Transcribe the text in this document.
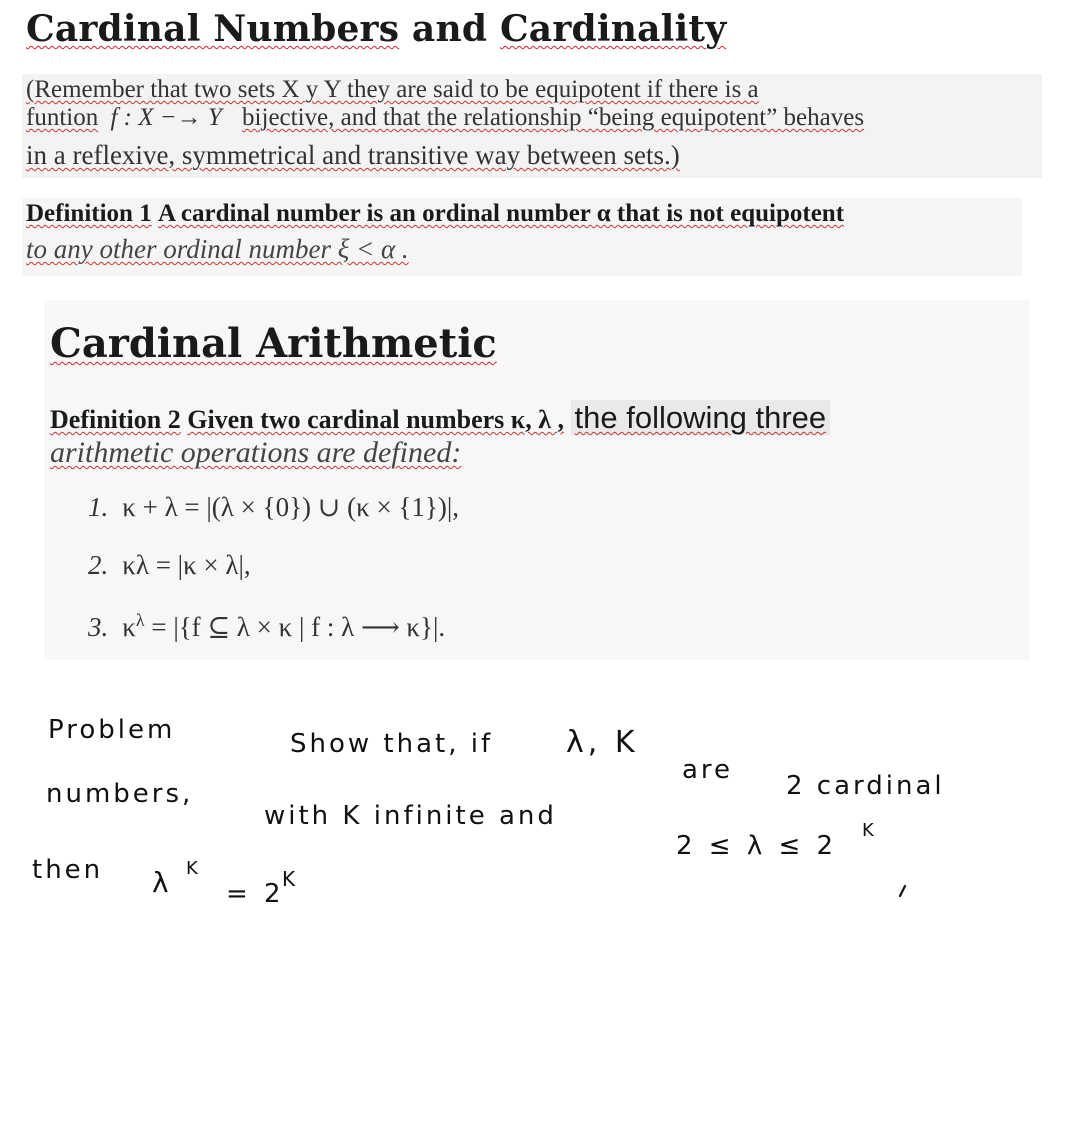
Cardinal Numbers and Cardinality
(Remember that two sets X y Y they are said to be equipotent if there is a
funtion f : X −→ Y bijective, and that the relationship “being equipotent” behaves
in a reflexive, symmetrical and transitive way between sets.)
Definition 1 A cardinal number is an ordinal number α that is not equipotent
to any other ordinal number ξ < α .
Cardinal Arithmetic
Definition 2 Given two cardinal numbers κ, λ , the following three
arithmetic operations are defined:
1. κ + λ = |(λ × {0}) ∪ (κ × {1})|,
2. κλ = |κ × λ|,
3. $\kappa^\lambda = |\{f$ ⊆ λ × κ | f : λ ⟶ κ}|.
Problem	Show that, if λ, K
are
2 cardinal
numbers,
with K infinite and
2 ≤ λ ≤ 2
K
then λ K
= 2
K
